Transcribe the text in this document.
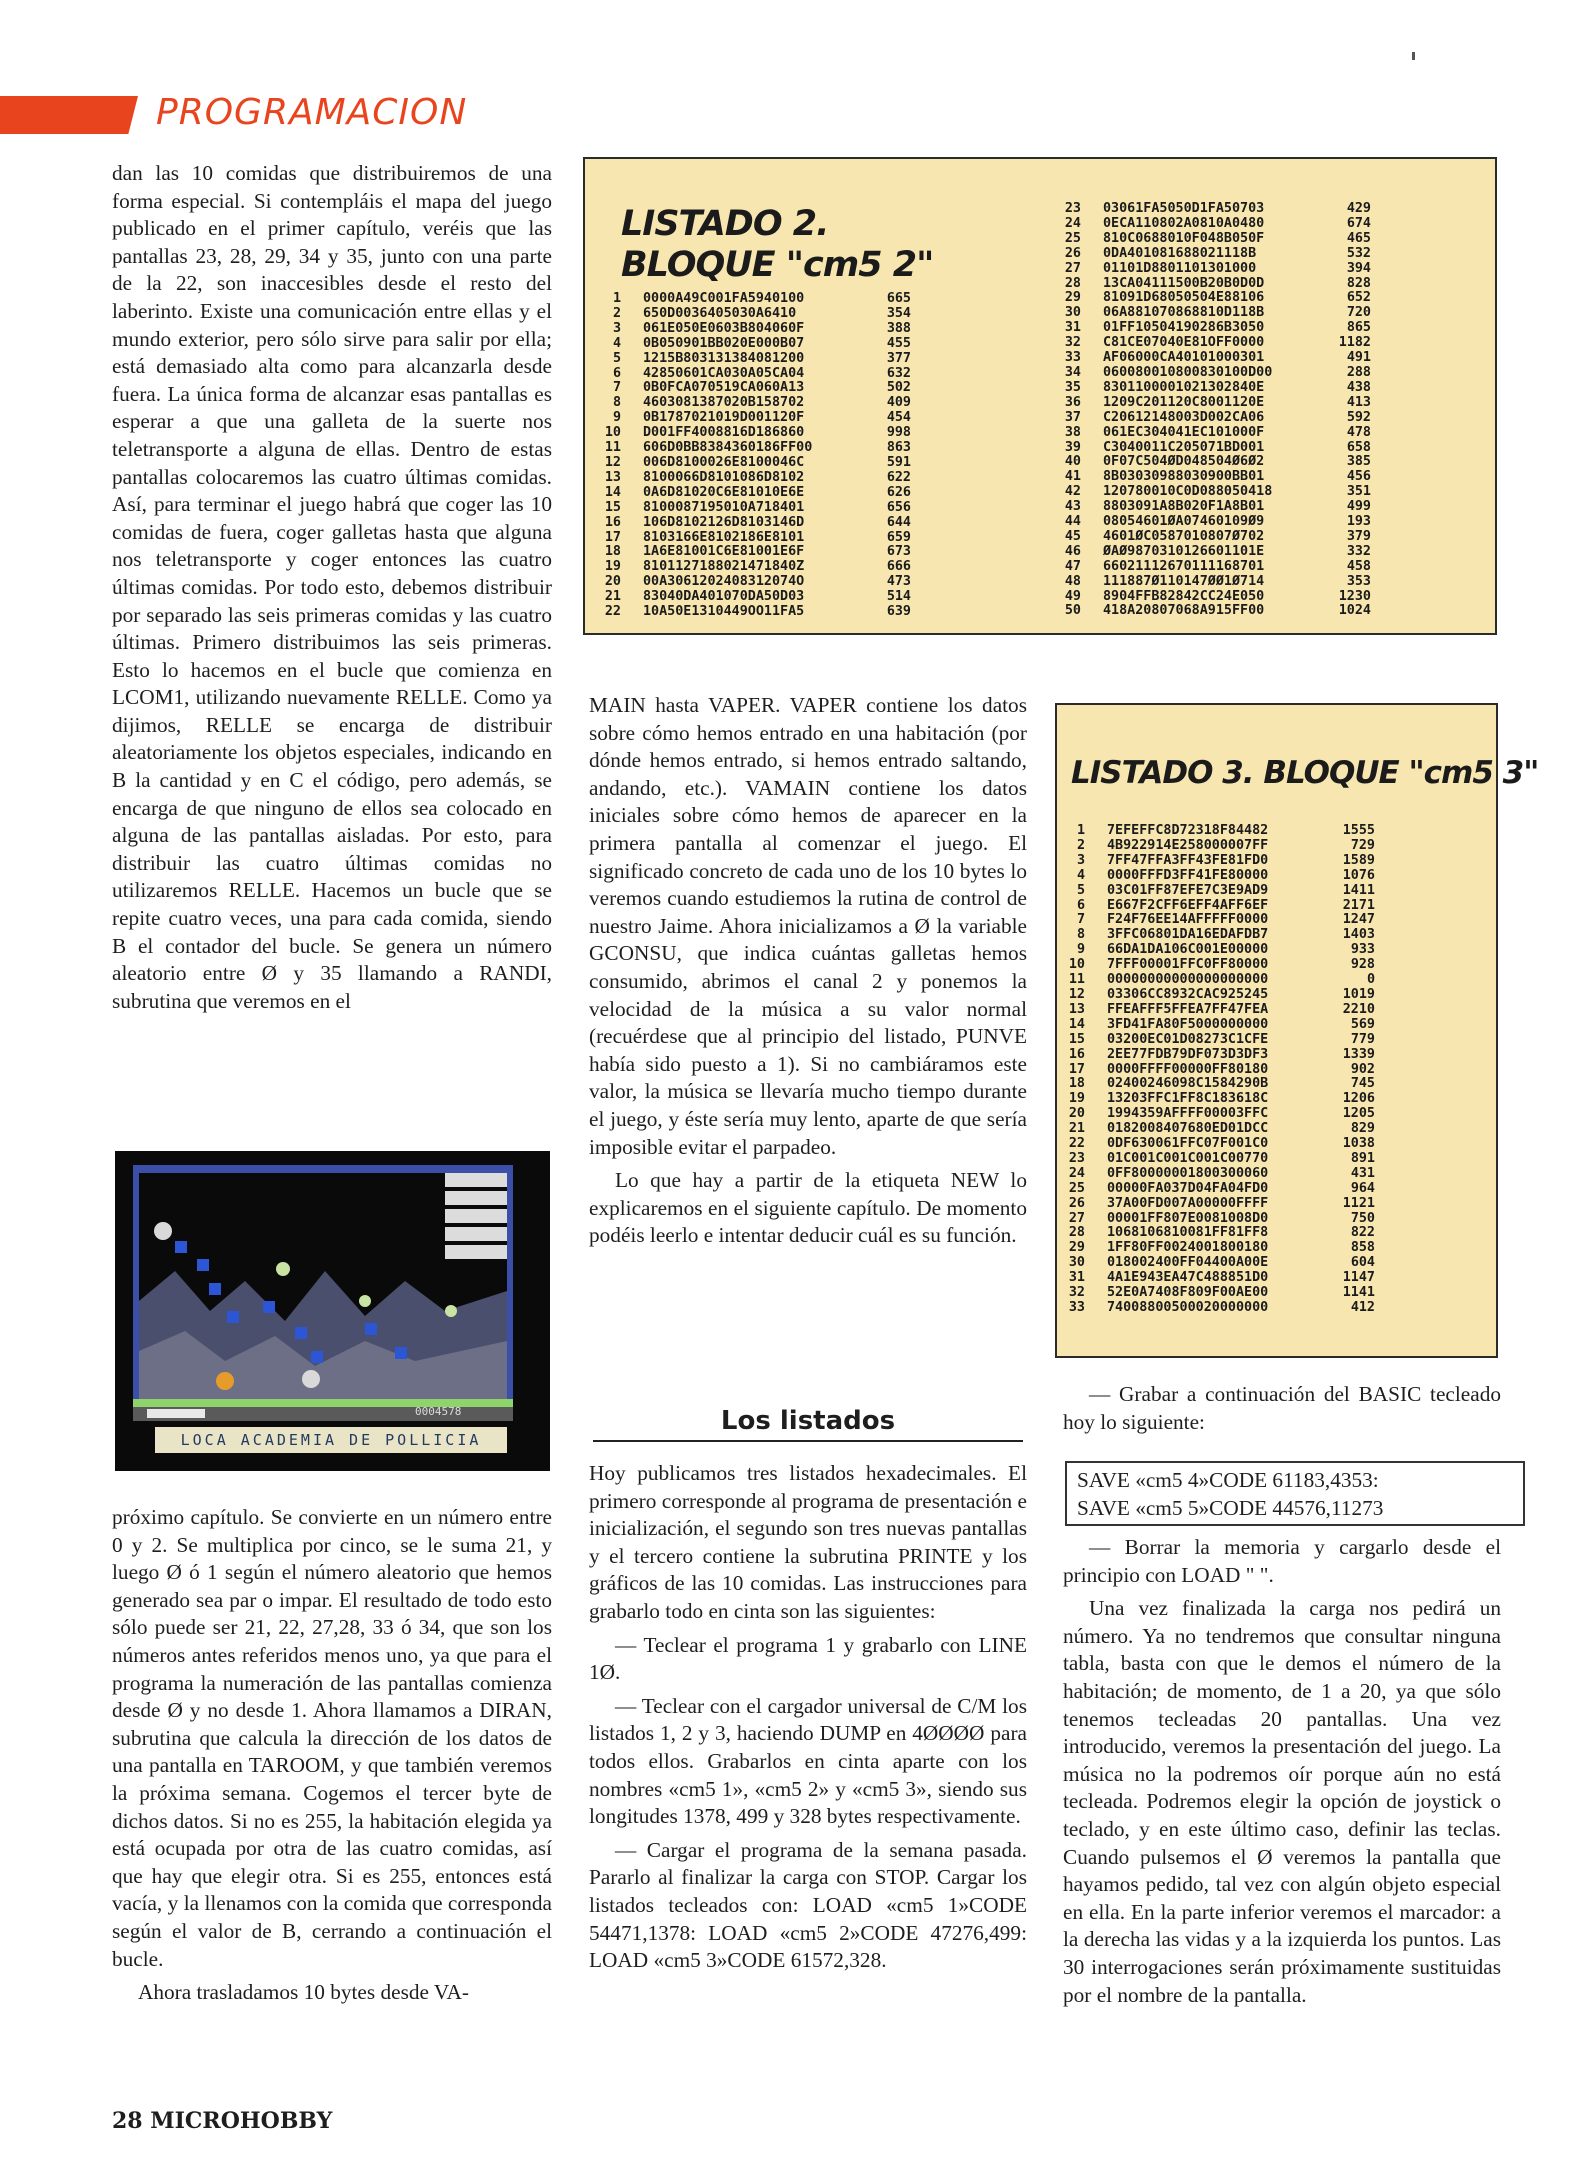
PROGRAMACION

dan las 10 comidas que distribuiremos de una forma especial. Si contempláis el mapa del juego publicado en el primer capítulo, veréis que las pantallas 23, 28, 29, 34 y 35, junto con una parte de la 22, son inaccesibles desde el resto del laberinto. Existe una comunicación entre ellas y el mundo exterior, pero sólo sirve para salir por ella; está demasiado alta como para alcanzarla desde fuera. La única forma de alcanzar esas pantallas es esperar a que una galleta de la suerte nos teletransporte a alguna de ellas. Dentro de estas pantallas colocaremos las cuatro últimas comidas. Así, para terminar el juego habrá que coger las 10 comidas de fuera, coger galletas hasta que alguna nos teletransporte y coger entonces las cuatro últimas comidas. Por todo esto, debemos distribuir por separado las seis primeras comidas y las cuatro últimas. Primero distribuimos las seis primeras. Esto lo hacemos en el bucle que comienza en LCOM1, utilizando nuevamente RELLE. Como ya dijimos, RELLE se encarga de distribuir aleatoriamente los objetos especiales, indicando en B la cantidad y en C el código, pero además, se encarga de que ninguno de ellos sea colocado en alguna de las pantallas aisladas. Por esto, para distribuir las cuatro últimas comidas no utilizaremos RELLE. Hacemos un bucle que se repite cuatro veces, una para cada comida, siendo B el contador del bucle. Se genera un número aleatorio entre Ø y 35 llamando a RANDI, subrutina que veremos en el

0004578
LOCA ACADEMIA DE POLLICIA

próximo capítulo. Se convierte en un número entre 0 y 2. Se multiplica por cinco, se le suma 21, y luego Ø ó 1 según el número aleatorio que hemos generado sea par o impar. El resultado de todo esto sólo puede ser 21, 22, 27,28, 33 ó 34, que son los números antes referidos menos uno, ya que para el programa la numeración de las pantallas comienza desde Ø y no desde 1. Ahora llamamos a DIRAN, subrutina que calcula la dirección de los datos de una pantalla en TAROOM, y que también veremos la próxima semana. Cogemos el tercer byte de dichos datos. Si no es 255, la habitación elegida ya está ocupada por otra de las cuatro comidas, así que hay que elegir otra. Si es 255, entonces está vacía, y la llenamos con la comida que corresponda según el valor de B, cerrando a continuación el bucle.

Ahora trasladamos 10 bytes desde VA-

LISTADO 2.
BLOQUE "cm5 2"
1 0000A49C001FA5940100	665
2 650D0036405030A6410	354
3 061E050E0603B804060F	388
4 0B050901BB020E000B07	455
5 1215B803131384081200	377
6 42850601CA030A05CA04	632
7 0B0FCA070519CA060A13	502
8 4603081387020B158702	409
9 0B1787021019D001120F	454
10 D001FF4008816D186860	998
11 606D0BB8384360186FF00	863
12 006D8100026E8100046C	591
13 8100066D8101086D8102	622
14 0A6D81020C6E81010E6E	626
15 8100087195010A718401	656
16 106D8102126D8103146D	644
17 8103166E8102186E8101	659
18 1A6E81001C6E81001E6F	673
19 8101127188021471840Z	666
20 00A3061202408312074O	473
21 83040DA401070DA50D03	514
22 10A50E1310449OO11FA5	639
23 03061FA5050D1FA50703	429
24 0ECA110802A0810A0480	674
25 810C0688010F048B050F	465
26 0DA401081688021118B	532
27 01101D8801101301000	394
28 13CA04111500B20B0D0D	828
29 81091D68050504E88106	652
30 06A881070868810D118B	720
31 01FF10504190286B3050	865
32 C81CE07040E81OFF0000	1182
33 AF06000CA40101000301	491
34 060080010800830100D00	288
35 8301100001021302840E	438
36 1209C201120C8001120E	413
37 C20612148003D002CA06	592
38 061EC304041EC101000F	478
39 C3040011C205071BD001	658
40 0F07C504ØD048504Ø6Ø2	385
41 8B03030988030900BB01	456
42 120780010C0D088050418	351
43 8803091A8B020F1A8B01	499
44 08054601ØA07460109Ø9	193
45 4601ØC0587010807Ø702	379
46 ØAØ9870310126601101E	332
47 66021112670111168701	458
48 111887Ø110147ØØ1Ø714	353
49 8904FFB82842CC24E050	1230
50 418A20807068A915FF00	1024

MAIN hasta VAPER. VAPER contiene los datos sobre cómo hemos entrado en una habitación (por dónde hemos entrado, si hemos entrado saltando, andando, etc.). VAMAIN contiene los datos iniciales sobre cómo hemos de aparecer en la primera pantalla al comenzar el juego. El significado concreto de cada uno de los 10 bytes lo veremos cuando estudiemos la rutina de control de nuestro Jaime. Ahora inicializamos a Ø la variable GCONSU, que indica cuántas galletas hemos consumido, abrimos el canal 2 y ponemos la velocidad de la música a su valor normal (recuérdese que al principio del listado, PUNVE había sido puesto a 1). Si no cambiáramos este valor, la música se llevaría mucho tiempo durante el juego, y éste sería muy lento, aparte de que sería imposible evitar el parpadeo.

Lo que hay a partir de la etiqueta NEW lo explicaremos en el siguiente capítulo. De momento podéis leerlo e intentar deducir cuál es su función.

LISTADO 3. BLOQUE "cm5 3"
1 7EFEFFC8D72318F84482	1555
2 4B922914E258000007FF	729
3 7FF47FFA3FF43FE81FD0	1589
4 0000FFFD3FF41FE80000	1076
5 03C01FF87EFE7C3E9AD9	1411
6 E667F2CFF6EFF4AFF6EF	2171
7 F24F76EE14AFFFFF0000	1247
8 3FFC06801DA16EDAFDB7	1403
9 66DA1DA106C001E00000	933
10 7FFF00001FFC0FF80000	928
11 00000000000000000000	0
12 03306CC8932CAC925245	1019
13 FFEAFFF5FFEA7FF47FEA	2210
14 3FD41FA80F5000000000	569
15 03200EC01D08273C1CFE	779
16 2EE77FDB79DF073D3DF3	1339
17 0000FFFF00000FF80180	902
18 02400246098C1584290B	745
19 13203FFC1FF8C183618C	1206
20 1994359AFFFF00003FFC	1205
21 0182008407680ED01DCC	829
22 0DF630061FFC07F001C0	1038
23 01C001C001C001C00770	891
24 0FF80000001800300060	431
25 00000FA037D04FA04FD0	964
26 37A00FD007A00000FFFF	1121
27 00001FF807E0081008D0	750
28 1068106810081FF81FF8	822
29 1FF80FF0024001800180	858
30 018002400FF04400A00E	604
31 4A1E943EA47C488851D0	1147
32 52E0A7408F809F00AE00	1141
33 74008800500020000000	412
Los listados

Hoy publicamos tres listados hexadecimales. El primero corresponde al programa de presentación e inicialización, el segundo son tres nuevas pantallas y el tercero contiene la subrutina PRINTE y los gráficos de las 10 comidas. Las instrucciones para grabarlo todo en cinta son las siguientes:

— Teclear el programa 1 y grabarlo con LINE 1Ø.

— Teclear con el cargador universal de C/M los listados 1, 2 y 3, haciendo DUMP en 4ØØØØ para todos ellos. Grabarlos en cinta aparte con los nombres «cm5 1», «cm5 2» y «cm5 3», siendo sus longitudes 1378, 499 y 328 bytes respectivamente.

— Cargar el programa de la semana pasada. Pararlo al finalizar la carga con STOP. Cargar los listados tecleados con: LOAD «cm5 1»CODE 54471,1378: LOAD «cm5 2»CODE 47276,499: LOAD «cm5 3»CODE 61572,328.

— Grabar a continuación del BASIC tecleado hoy lo siguiente:

SAVE «cm5 4»CODE 61183,4353:
SAVE «cm5 5»CODE 44576,11273

— Borrar la memoria y cargarlo desde el principio con LOAD " ".

Una vez finalizada la carga nos pedirá un número. Ya no tendremos que consultar ninguna tabla, basta con que le demos el número de la habitación; de momento, de 1 a 20, ya que sólo tenemos tecleadas 20 pantallas. Una vez introducido, veremos la presentación del juego. La música no la podremos oír porque aún no está tecleada. Podremos elegir la opción de joystick o teclado, y en este último caso, definir las teclas. Cuando pulsemos el Ø veremos la pantalla que hayamos pedido, tal vez con algún objeto especial en ella. En la parte inferior veremos el marcador: a la derecha las vidas y a la izquierda los puntos. Las 30 interrogaciones serán próximamente sustituidas por el nombre de la pantalla.

28 MICROHOBBY
